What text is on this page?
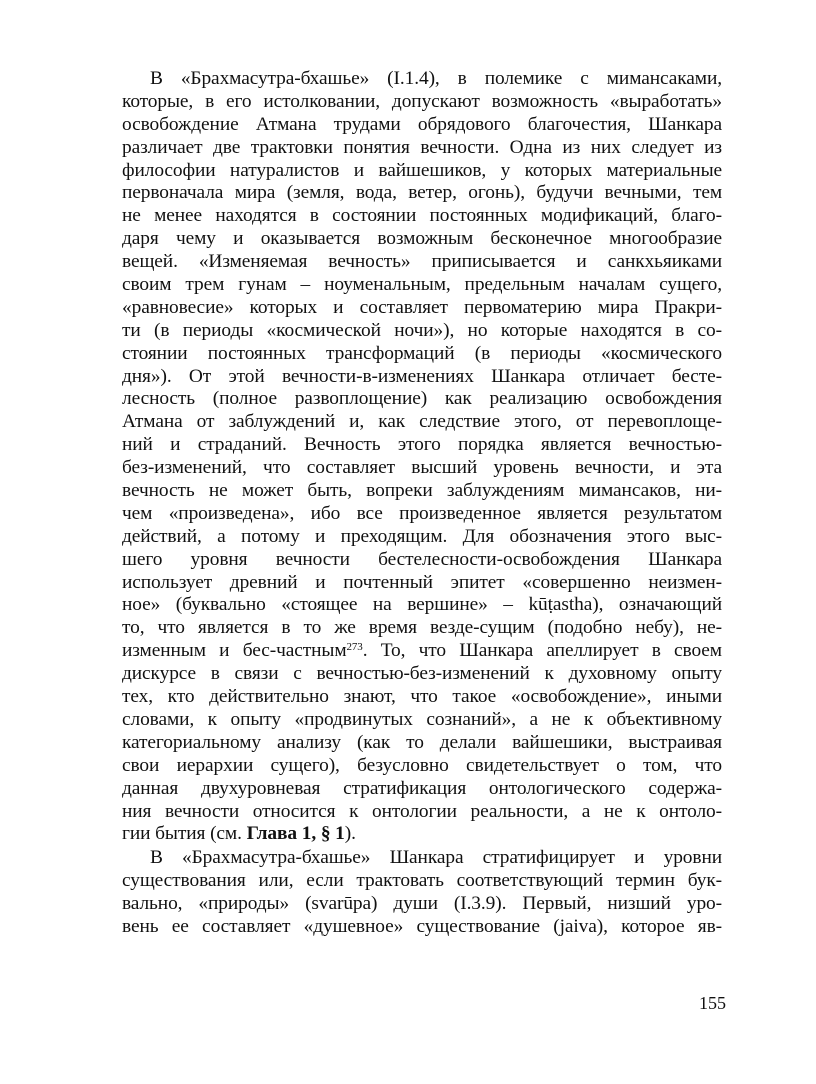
В «Брахмасутра-бхашье» (I.1.4), в полемике с мимансаками,
которые, в его истолковании, допускают возможность «выработать»
освобождение Атмана трудами обрядового благочестия, Шанкара
различает две трактовки понятия вечности. Одна из них следует из
философии натуралистов и вайшешиков, у которых материальные
первоначала мира (земля, вода, ветер, огонь), будучи вечными, тем
не менее находятся в состоянии постоянных модификаций, благо-
даря чему и оказывается возможным бесконечное многообразие
вещей. «Изменяемая вечность» приписывается и санкхьяиками
своим трем гунам – ноуменальным, предельным началам сущего,
«равновесие» которых и составляет первоматерию мира Пракри-
ти (в периоды «космической ночи»), но которые находятся в со-
стоянии постоянных трансформаций (в периоды «космического
дня»). От этой вечности-в-изменениях Шанкара отличает бесте-
лесность (полное развоплощение) как реализацию освобождения
Атмана от заблуждений и, как следствие этого, от перевоплоще-
ний и страданий. Вечность этого порядка является вечностью-
без-изменений, что составляет высший уровень вечности, и эта
вечность не может быть, вопреки заблуждениям мимансаков, ни-
чем «произведена», ибо все произведенное является результатом
действий, а потому и преходящим. Для обозначения этого выс-
шего уровня вечности бестелесности-освобождения Шанкара
использует древний и почтенный эпитет «совершенно неизмен-
ное» (буквально «стоящее на вершине» – kūṭastha), означающий
то, что является в то же время везде-сущим (подобно небу), не-
изменным и бес-частным$^{273}$. То, что Шанкара апеллирует в своем
дискурсе в связи с вечностью-без-изменений к духовному опыту
тех, кто действительно знают, что такое «освобождение», иными
словами, к опыту «продвинутых сознаний», а не к объективному
категориальному анализу (как то делали вайшешики, выстраивая
свои иерархии сущего), безусловно свидетельствует о том, что
данная двухуровневая стратификация онтологического содержа-
ния вечности относится к онтологии реальности, а не к онтоло-
гии бытия (см. Глава 1, § 1).
В «Брахмасутра-бхашье» Шанкара стратифицирует и уровни
существования или, если трактовать соответствующий термин бук-
вально, «природы» (svarūpa) души (I.3.9). Первый, низший уро-
вень ее составляет «душевное» существование (jaiva), которое яв-
155
